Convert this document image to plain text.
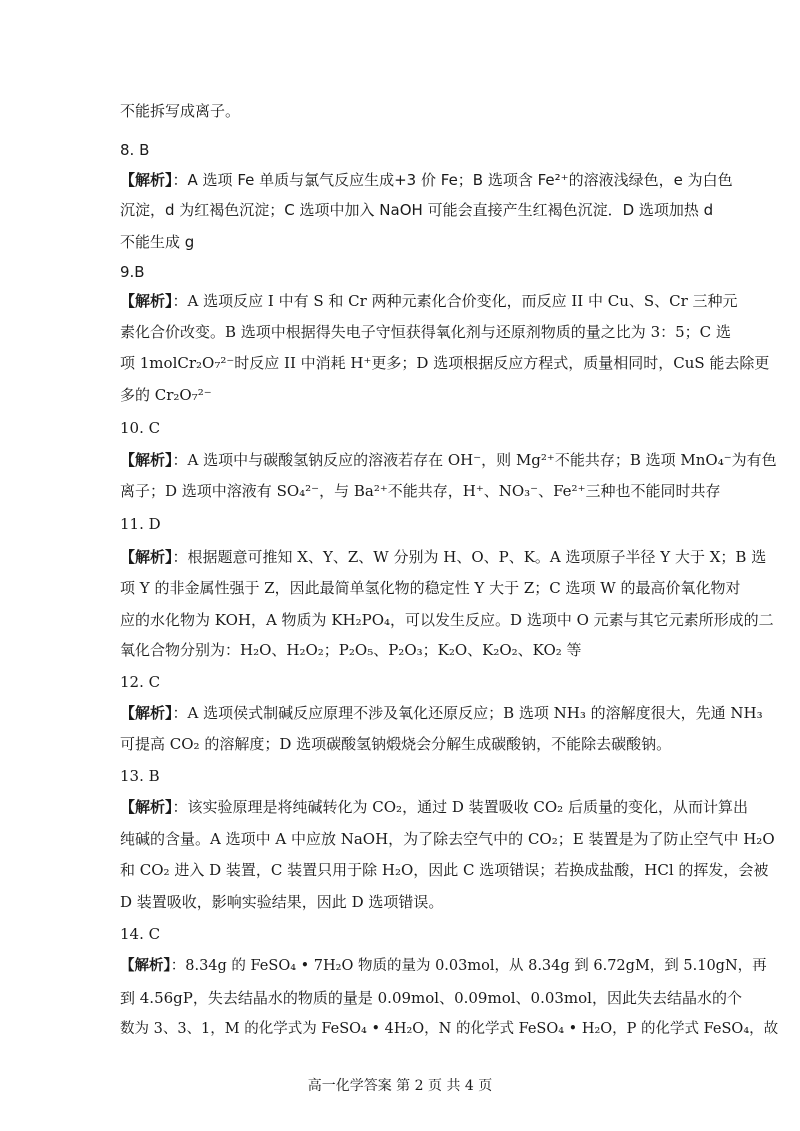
不能拆写成离子。
8. B
【解析】：A 选项 Fe 单质与氯气反应生成+3 价 Fe；B 选项含 Fe²⁺的溶液浅绿色，e 为白色
沉淀，d 为红褐色沉淀；C 选项中加入 NaOH 可能会直接产生红褐色沉淀．D 选项加热 d
不能生成 g
9.B
【解析】：A 选项反应 I 中有 S 和 Cr 两种元素化合价变化，而反应 II 中 Cu、S、Cr 三种元
素化合价改变。B 选项中根据得失电子守恒获得氧化剂与还原剂物质的量之比为 3：5；C 选
项 1molCr₂O₇²⁻时反应 II 中消耗 H⁺更多；D 选项根据反应方程式，质量相同时，CuS 能去除更
多的 Cr₂O₇²⁻
10. C
【解析】：A 选项中与碳酸氢钠反应的溶液若存在 OH⁻，则 Mg²⁺不能共存；B 选项 MnO₄⁻为有色
离子；D 选项中溶液有 SO₄²⁻，与 Ba²⁺不能共存，H⁺、NO₃⁻、Fe²⁺三种也不能同时共存
11. D
【解析】：根据题意可推知 X、Y、Z、W 分别为 H、O、P、K。A 选项原子半径 Y 大于 X；B 选
项 Y 的非金属性强于 Z，因此最简单氢化物的稳定性 Y 大于 Z；C 选项 W 的最高价氧化物对
应的水化物为 KOH，A 物质为 KH₂PO₄，可以发生反应。D 选项中 O 元素与其它元素所形成的二
氧化合物分别为：H₂O、H₂O₂；P₂O₅、P₂O₃；K₂O、K₂O₂、KO₂ 等
12. C
【解析】：A 选项侯式制碱反应原理不涉及氧化还原反应；B 选项 NH₃ 的溶解度很大，先通 NH₃
可提高 CO₂ 的溶解度；D 选项碳酸氢钠煅烧会分解生成碳酸钠，不能除去碳酸钠。
13. B
【解析】：该实验原理是将纯碱转化为 CO₂，通过 D 装置吸收 CO₂ 后质量的变化，从而计算出
纯碱的含量。A 选项中 A 中应放 NaOH，为了除去空气中的 CO₂；E 装置是为了防止空气中 H₂O
和 CO₂ 进入 D 装置，C 装置只用于除 H₂O，因此 C 选项错误；若换成盐酸，HCl 的挥发，会被
D 装置吸收，影响实验结果，因此 D 选项错误。
14. C
【解析】：8.34g 的 FeSO₄ • 7H₂O 物质的量为 0.03mol，从 8.34g 到 6.72gM，到 5.10gN，再
到 4.56gP，失去结晶水的物质的量是 0.09mol、0.09mol、0.03mol，因此失去结晶水的个
数为 3、3、1，M 的化学式为 FeSO₄ • 4H₂O，N 的化学式 FeSO₄ • H₂O，P 的化学式 FeSO₄，故
高一化学答案 第 2 页 共 4 页
